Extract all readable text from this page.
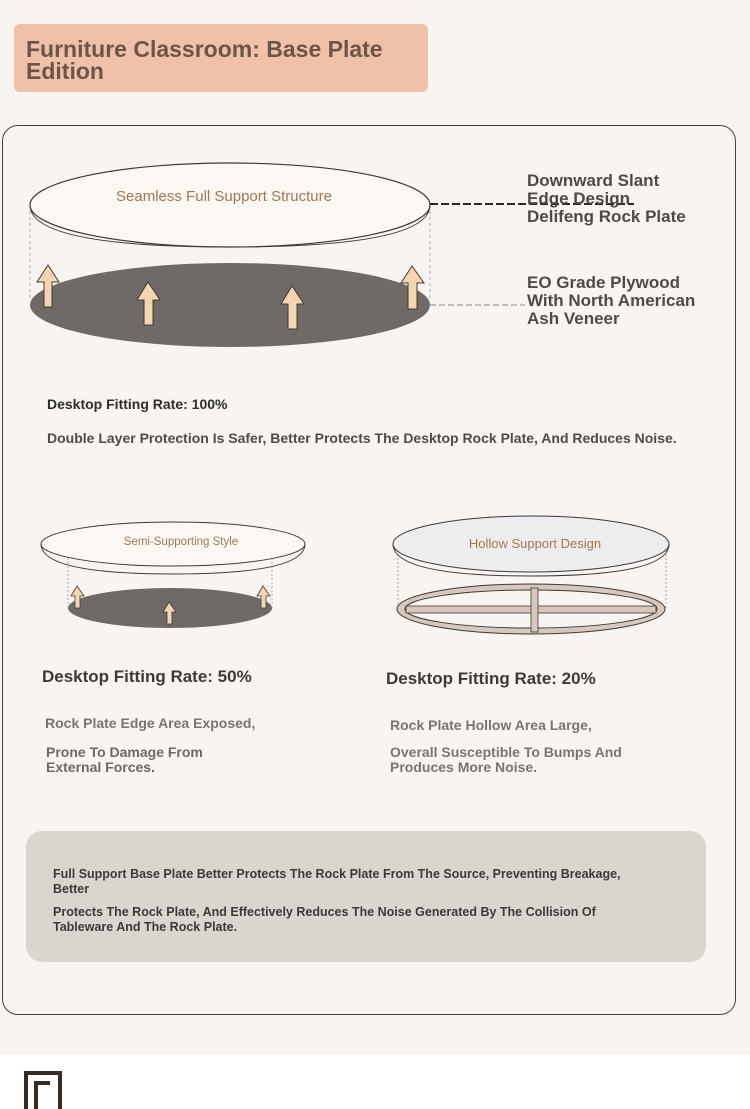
Furniture Classroom: Base Plate Edition
Seamless Full Support Structure
Downward Slant Edge Design Delifeng Rock Plate
EO Grade Plywood With North American Ash Veneer
Desktop Fitting Rate: 100%
Double Layer Protection Is Safer, Better Protects The Desktop Rock Plate, And Reduces Noise.
Semi-Supporting Style
Desktop Fitting Rate: 50%
Rock Plate Edge Area Exposed,
Prone To Damage From External Forces.
Hollow Support Design
Desktop Fitting Rate: 20%
Rock Plate Hollow Area Large,
Overall Susceptible To Bumps And Produces More Noise.

Full Support Base Plate Better Protects The Rock Plate From The Source, Preventing Breakage, Better

Protects The Rock Plate, And Effectively Reduces The Noise Generated By The Collision Of Tableware And The Rock Plate.
